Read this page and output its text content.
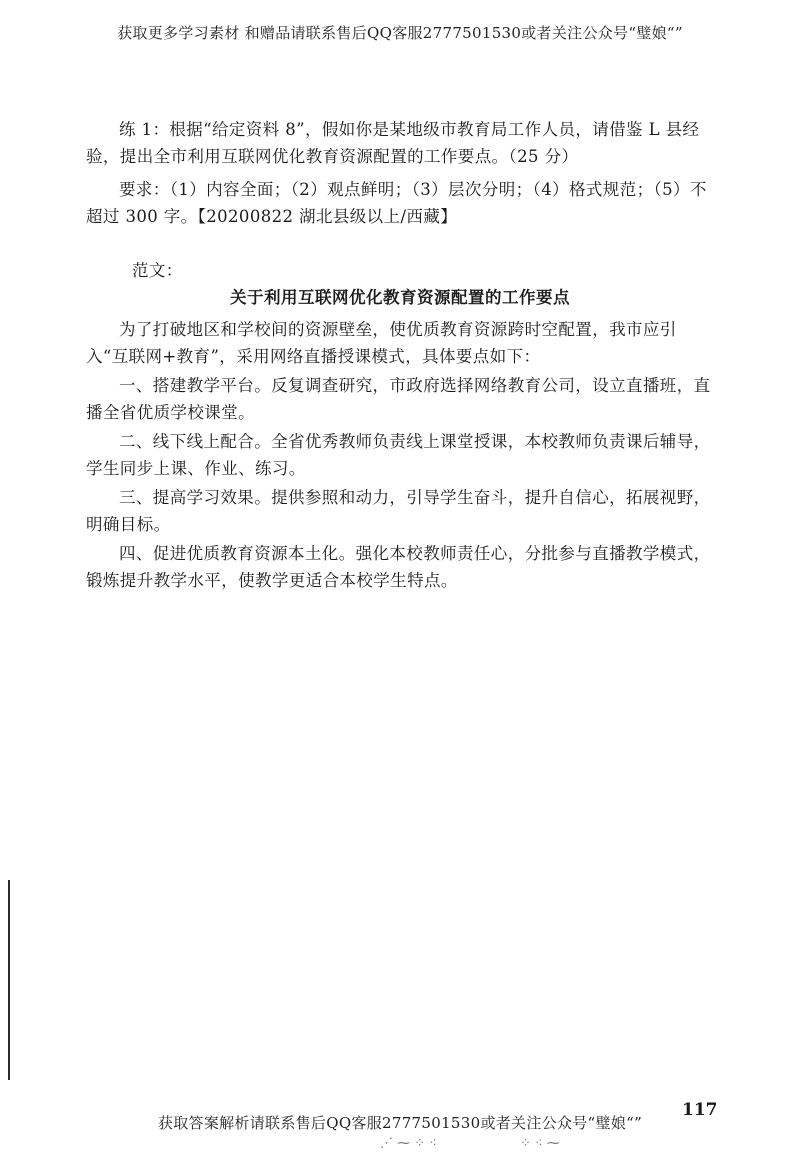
获取更多学习素材 和赠品请联系售后QQ客服2777501530或者关注公众号“璧娘“”
练 1：根据“给定资料 8”，假如你是某地级市教育局工作人员，请借鉴 L 县经验，提出全市利用互联网优化教育资源配置的工作要点。（25 分）
要求：（1）内容全面；（2）观点鲜明；（3）层次分明；（4）格式规范；（5）不超过 300 字。【20200822 湖北县级以上/西藏】
范文：
关于利用互联网优化教育资源配置的工作要点
为了打破地区和学校间的资源壁垒，使优质教育资源跨时空配置，我市应引入“互联网+教育”，采用网络直播授课模式，具体要点如下：
一、搭建教学平台。反复调查研究，市政府选择网络教育公司，设立直播班，直播全省优质学校课堂。
二、线下线上配合。全省优秀教师负责线上课堂授课，本校教师负责课后辅导，学生同步上课、作业、练习。
三、提高学习效果。提供参照和动力，引导学生奋斗，提升自信心，拓展视野，明确目标。
四、促进优质教育资源本土化。强化本校教师责任心，分批参与直播教学模式，锻炼提升教学水平，使教学更适合本校学生特点。
117
获取答案解析请联系售后QQ客服2777501530或者关注公众号“璧娘“”
⋰ ⁓ ⁘ ⁖	⁘ ⁖ ⁓
